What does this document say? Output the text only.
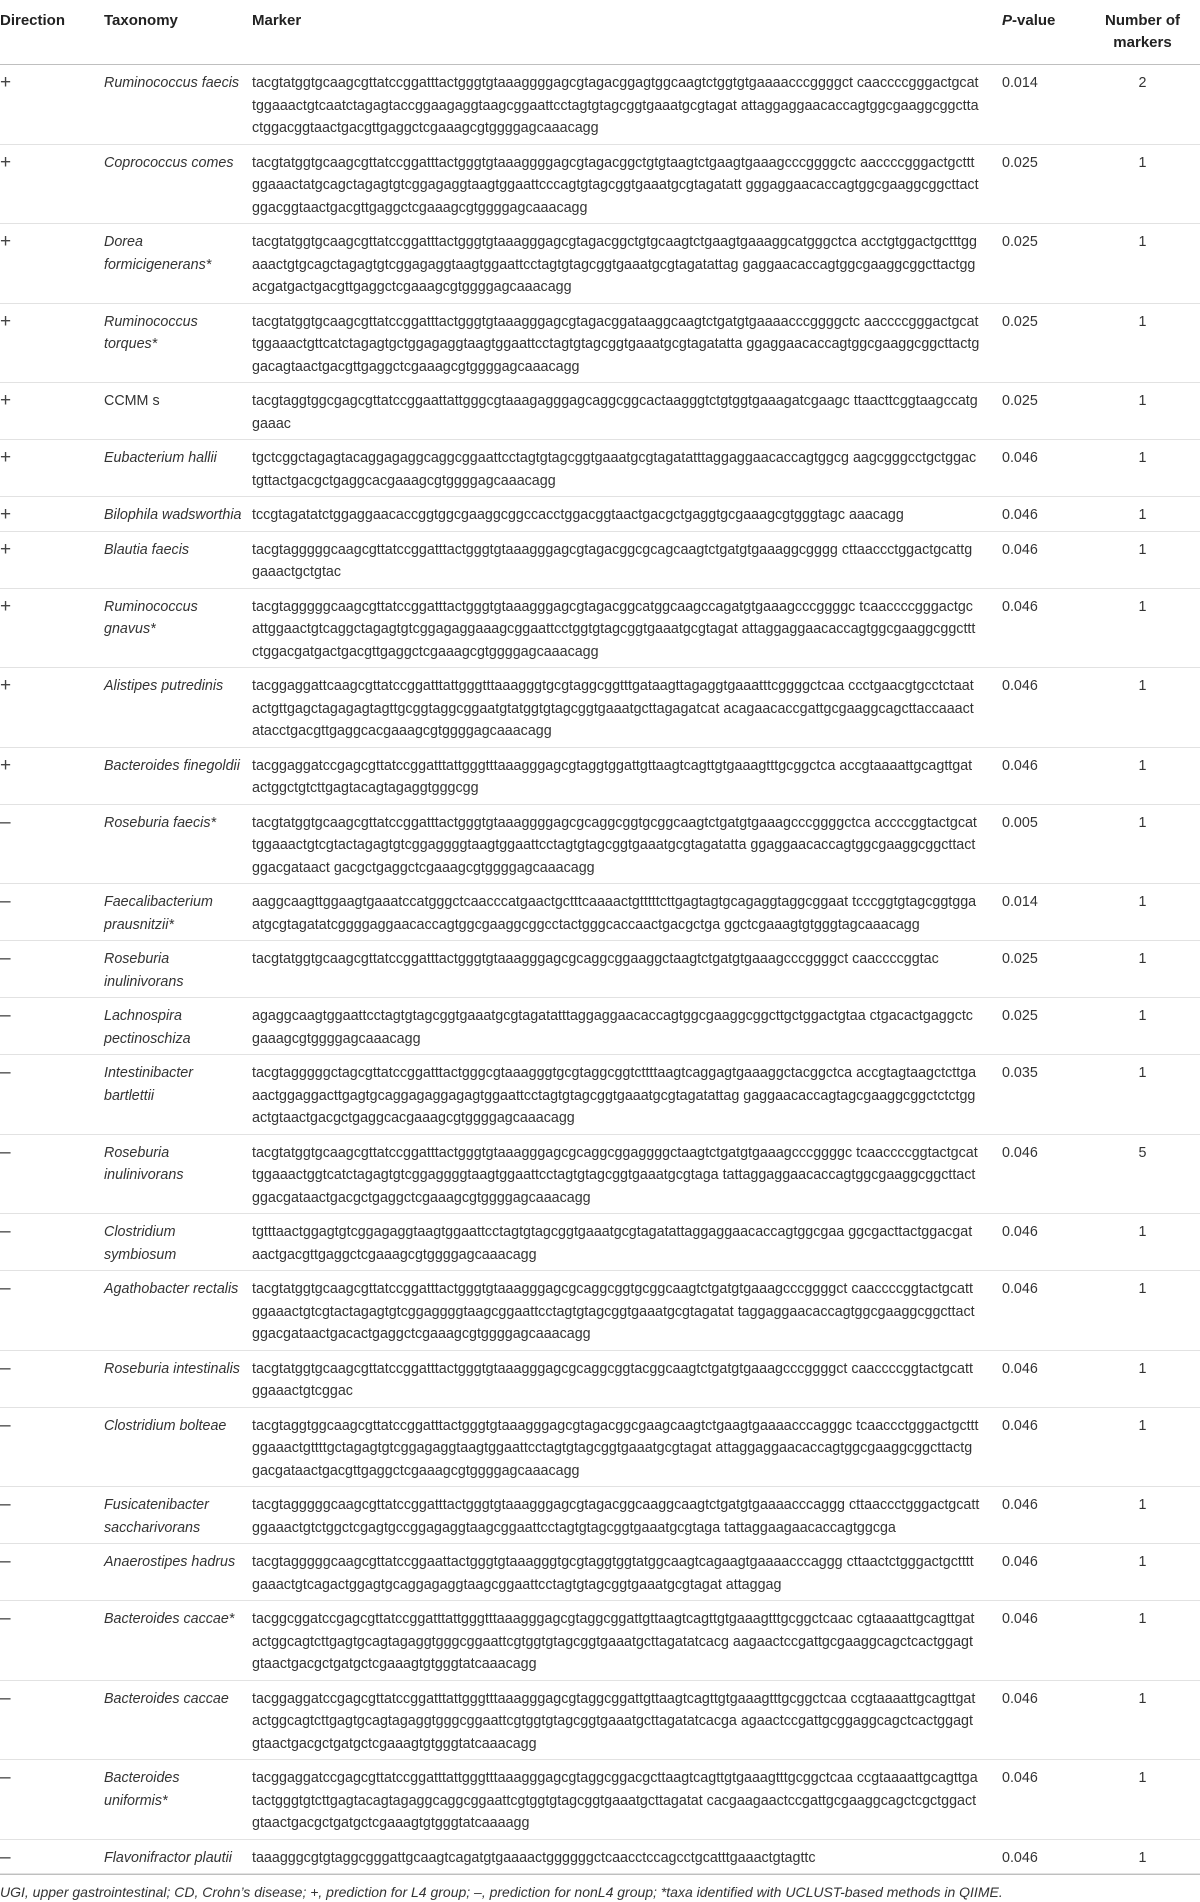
Direction	Taxonomy	Marker	P-value	Number of markers
+	Ruminococcus faecis	tacgtatggtgcaagcgttatccggatttactgggtgtaaaggggagcgtagacggagtggcaagtctggtgtgaaaacccggggct caaccccgggactgcattggaaactgtcaatctagagtaccggaagaggtaagcggaattcctagtgtagcggtgaaatgcgtagat attaggaggaacaccagtggcgaaggcggcttactggacggtaactgacgttgaggctcgaaagcgtggggagcaaacagg	0.014	2
+	Coprococcus comes	tacgtatggtgcaagcgttatccggatttactgggtgtaaaggggagcgtagacggctgtgtaagtctgaagtgaaagcccggggctc aaccccgggactgctttggaaactatgcagctagagtgtcggagaggtaagtggaattcccagtgtagcggtgaaatgcgtagatatt gggaggaacaccagtggcgaaggcggcttactggacggtaactgacgttgaggctcgaaagcgtggggagcaaacagg	0.025	1
+	Dorea formicigenerans*	tacgtatggtgcaagcgttatccggatttactgggtgtaaagggagcgtagacggctgtgcaagtctgaagtgaaaggcatgggctca acctgtggactgctttggaaactgtgcagctagagtgtcggagaggtaagtggaattcctagtgtagcggtgaaatgcgtagatattag gaggaacaccagtggcgaaggcggcttactggacgatgactgacgttgaggctcgaaagcgtggggagcaaacagg	0.025	1
+	Ruminococcus torques*	tacgtatggtgcaagcgttatccggatttactgggtgtaaagggagcgtagacggataaggcaagtctgatgtgaaaacccggggctc aaccccgggactgcattggaaactgttcatctagagtgctggagaggtaagtggaattcctagtgtagcggtgaaatgcgtagatatta ggaggaacaccagtggcgaaggcggcttactggacagtaactgacgttgaggctcgaaagcgtggggagcaaacagg	0.025	1
+	CCMM s	tacgtaggtggcgagcgttatccggaattattgggcgtaaagagggagcaggcggcactaagggtctgtggtgaaagatcgaagc ttaacttcggtaagccatggaaac	0.025	1
+	Eubacterium hallii	tgctcggctagagtacaggagaggcaggcggaattcctagtgtagcggtgaaatgcgtagatatttaggaggaacaccagtggcg aagcgggcctgctggactgttactgacgctgaggcacgaaagcgtggggagcaaacagg	0.046	1
+	Bilophila wadsworthia	tccgtagatatctggaggaacaccggtggcgaaggcggccacctggacggtaactgacgctgaggtgcgaaagcgtgggtagc aaacagg	0.046	1
+	Blautia faecis	tacgtagggggcaagcgttatccggatttactgggtgtaaagggagcgtagacggcgcagcaagtctgatgtgaaaggcgggg cttaaccctggactgcattggaaactgctgtac	0.046	1
+	Ruminococcus gnavus*	tacgtagggggcaagcgttatccggatttactgggtgtaaagggagcgtagacggcatggcaagccagatgtgaaagcccggggc tcaaccccgggactgcattggaactgtcaggctagagtgtcggagaggaaagcggaattcctggtgtagcggtgaaatgcgtagat attaggaggaacaccagtggcgaaggcggctttctggacgatgactgacgttgaggctcgaaagcgtggggagcaaacagg	0.046	1
+	Alistipes putredinis	tacggaggattcaagcgttatccggatttattgggtttaaagggtgcgtaggcggtttgataagttagaggtgaaatttcggggctcaa ccctgaacgtgcctctaatactgttgagctagagagtagttgcggtaggcggaatgtatggtgtagcggtgaaatgcttagagatcat acagaacaccgattgcgaaggcagcttaccaaactatacctgacgttgaggcacgaaagcgtggggagcaaacagg	0.046	1
+	Bacteroides finegoldii	tacggaggatccgagcgttatccggatttattgggtttaaagggagcgtaggtggattgttaagtcagttgtgaaagtttgcggctca accgtaaaattgcagttgatactggctgtcttgagtacagtagaggtgggcgg	0.046	1
–	Roseburia faecis*	tacgtatggtgcaagcgttatccggatttactgggtgtaaaggggagcgcaggcggtgcggcaagtctgatgtgaaagcccggggctca accccggtactgcattggaaactgtcgtactagagtgtcggaggggtaagtggaattcctagtgtagcggtgaaatgcgtagatatta ggaggaacaccagtggcgaaggcggcttactggacgataact gacgctgaggctcgaaagcgtggggagcaaacagg	0.005	1
–	Faecalibacterium prausnitzii*	aaggcaagttggaagtgaaatccatgggctcaacccatgaactgctttcaaaactgtttttcttgagtagtgcagaggtaggcggaat tcccggtgtagcggtggaatgcgtagatatcggggaggaacaccagtggcgaaggcggcctactgggcaccaactgacgctga ggctcgaaagtgtgggtagcaaacagg	0.014	1
–	Roseburia inulinivorans	tacgtatggtgcaagcgttatccggatttactgggtgtaaagggagcgcaggcggaaggctaagtctgatgtgaaagcccggggct caaccccggtac	0.025	1
–	Lachnospira pectinoschiza	agaggcaagtggaattcctagtgtagcggtgaaatgcgtagatatttaggaggaacaccagtggcgaaggcggcttgctggactgtaa ctgacactgaggctcgaaagcgtggggagcaaacagg	0.025	1
–	Intestinibacter bartlettii	tacgtagggggctagcgttatccggatttactgggcgtaaagggtgcgtaggcggtcttttaagtcaggagtgaaaggctacggctca accgtagtaagctcttgaaactggaggacttgagtgcaggagaggagagtggaattcctagtgtagcggtgaaatgcgtagatattag gaggaacaccagtagcgaaggcggctctctggactgtaactgacgctgaggcacgaaagcgtggggagcaaacagg	0.035	1
–	Roseburia inulinivorans	tacgtatggtgcaagcgttatccggatttactgggtgtaaagggagcgcaggcggaggggctaagtctgatgtgaaagcccggggc tcaaccccggtactgcattggaaactggtcatctagagtgtcggaggggtaagtggaattcctagtgtagcggtgaaatgcgtaga tattaggaggaacaccagtggcgaaggcggcttactggacgataactgacgctgaggctcgaaagcgtggggagcaaacagg	0.046	5
–	Clostridium symbiosum	tgtttaactggagtgtcggagaggtaagtggaattcctagtgtagcggtgaaatgcgtagatattaggaggaacaccagtggcgaa ggcgacttactggacgataactgacgttgaggctcgaaagcgtggggagcaaacagg	0.046	1
–	Agathobacter rectalis	tacgtatggtgcaagcgttatccggatttactgggtgtaaagggagcgcaggcggtgcggcaagtctgatgtgaaagcccggggct caaccccggtactgcattggaaactgtcgtactagagtgtcggaggggtaagcggaattcctagtgtagcggtgaaatgcgtagatat taggaggaacaccagtggcgaaggcggcttactggacgataactgacactgaggctcgaaagcgtggggagcaaacagg	0.046	1
–	Roseburia intestinalis	tacgtatggtgcaagcgttatccggatttactgggtgtaaagggagcgcaggcggtacggcaagtctgatgtgaaagcccggggct caaccccggtactgcattggaaactgtcggac	0.046	1
–	Clostridium bolteae	tacgtaggtggcaagcgttatccggatttactgggtgtaaagggagcgtagacggcgaagcaagtctgaagtgaaaacccagggc tcaaccctgggactgctttggaaactgttttgctagagtgtcggagaggtaagtggaattcctagtgtagcggtgaaatgcgtagat attaggaggaacaccagtggcgaaggcggcttactggacgataactgacgttgaggctcgaaagcgtggggagcaaacagg	0.046	1
–	Fusicatenibacter saccharivorans	tacgtagggggcaagcgttatccggatttactgggtgtaaagggagcgtagacggcaaggcaagtctgatgtgaaaacccaggg cttaaccctgggactgcattggaaactgtctggctcgagtgccggagaggtaagcggaattcctagtgtagcggtgaaatgcgtaga tattaggaagaacaccagtggcga	0.046	1
–	Anaerostipes hadrus	tacgtagggggcaagcgttatccggaattactgggtgtaaagggtgcgtaggtggtatggcaagtcagaagtgaaaacccaggg cttaactctgggactgcttttgaaactgtcagactggagtgcaggagaggtaagcggaattcctagtgtagcggtgaaatgcgtagat attaggag	0.046	1
–	Bacteroides caccae*	tacggcggatccgagcgttatccggatttattgggtttaaagggagcgtaggcggattgttaagtcagttgtgaaagtttgcggctcaac cgtaaaattgcagttgatactggcagtcttgagtgcagtagaggtgggcggaattcgtggtgtagcggtgaaatgcttagatatcacg aagaactccgattgcgaaggcagctcactggagtgtaactgacgctgatgctcgaaagtgtgggtatcaaacagg	0.046	1
–	Bacteroides caccae	tacggaggatccgagcgttatccggatttattgggtttaaagggagcgtaggcggattgttaagtcagttgtgaaagtttgcggctcaa ccgtaaaattgcagttgatactggcagtcttgagtgcagtagaggtgggcggaattcgtggtgtagcggtgaaatgcttagatatcacga agaactccgattgcggaggcagctcactggagtgtaactgacgctgatgctcgaaagtgtgggtatcaaacagg	0.046	1
–	Bacteroides uniformis*	tacggaggatccgagcgttatccggatttattgggtttaaagggagcgtaggcggacgcttaagtcagttgtgaaagtttgcggctcaa ccgtaaaattgcagttgatactgggtgtcttgagtacagtagaggcaggcggaattcgtggtgtagcggtgaaatgcttagatat cacgaagaactccgattgcgaaggcagctcgctggactgtaactgacgctgatgctcgaaagtgtgggtatcaaaagg	0.046	1
–	Flavonifractor plautii	taaagggcgtgtaggcgggattgcaagtcagatgtgaaaactggggggctcaacctccagcctgcatttgaaactgtagttc	0.046	1
UGI, upper gastrointestinal; CD, Crohn’s disease; +, prediction for L4 group; –, prediction for nonL4 group; *taxa identified with UCLUST-based methods in QIIME.
